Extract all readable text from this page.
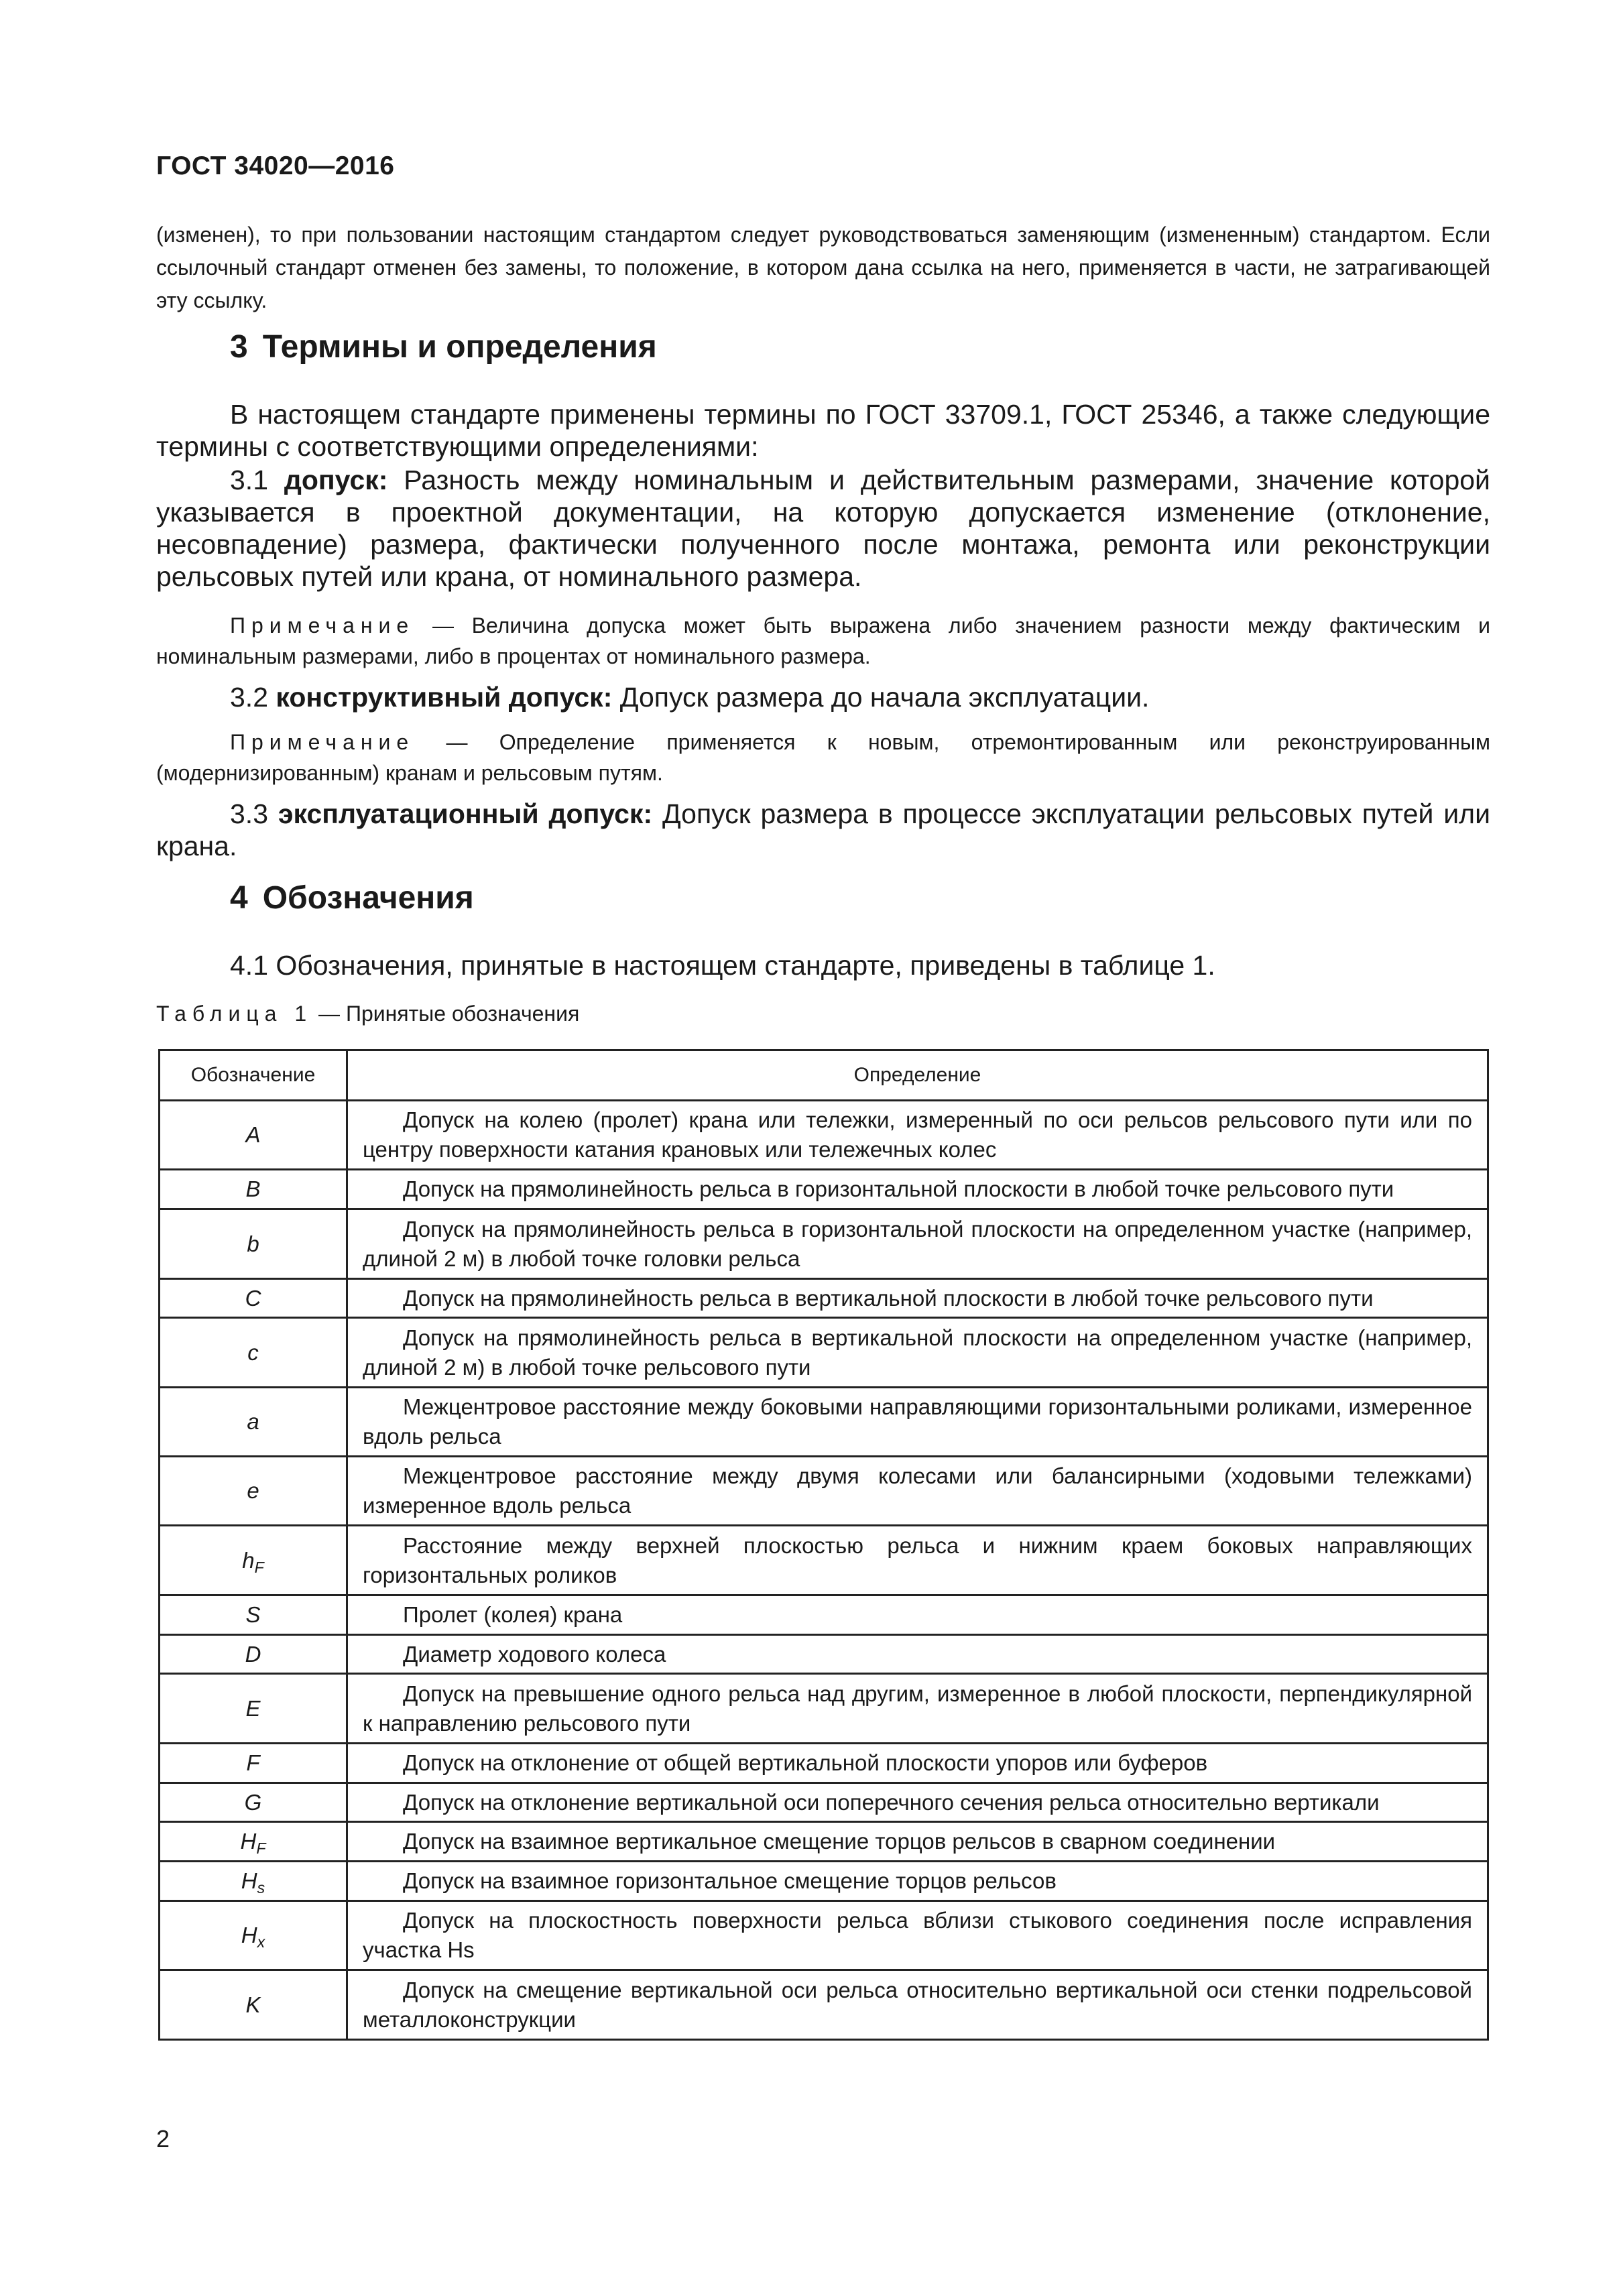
ГОСТ 34020—2016
(изменен), то при пользовании настоящим стандартом следует руководствоваться заменяющим (измененным) стандартом. Если ссылочный стандарт отменен без замены, то положение, в котором дана ссылка на него, применяется в части, не затрагивающей эту ссылку.
3 Термины и определения
В настоящем стандарте применены термины по ГОСТ 33709.1, ГОСТ 25346, а также следующие термины с соответствующими определениями:
3.1 допуск: Разность между номинальным и действительным размерами, значение которой указывается в проектной документации, на которую допускается изменение (отклонение, несовпадение) размера, фактически полученного после монтажа, ремонта или реконструкции рельсовых путей или крана, от номинального размера.
Примечание — Величина допуска может быть выражена либо значением разности между фактическим и номинальным размерами, либо в процентах от номинального размера.
3.2 конструктивный допуск: Допуск размера до начала эксплуатации.
Примечание — Определение применяется к новым, отремонтированным или реконструированным (модернизированным) кранам и рельсовым путям.
3.3 эксплуатационный допуск: Допуск размера в процессе эксплуатации рельсовых путей или крана.
4 Обозначения
4.1 Обозначения, принятые в настоящем стандарте, приведены в таблице 1.
Таблица 1 — Принятые обозначения
Обозначение	Определение
A	Допуск на колею (пролет) крана или тележки, измеренный по оси рельсов рельсового пути или по центру поверхности катания крановых или тележечных колес
B	Допуск на прямолинейность рельса в горизонтальной плоскости в любой точке рельсового пути
b	Допуск на прямолинейность рельса в горизонтальной плоскости на определенном участке (например, длиной 2 м) в любой точке головки рельса
C	Допуск на прямолинейность рельса в вертикальной плоскости в любой точке рельсового пути
c	Допуск на прямолинейность рельса в вертикальной плоскости на определенном участке (например, длиной 2 м) в любой точке рельсового пути
a	Межцентровое расстояние между боковыми направляющими горизонтальными роликами, измеренное вдоль рельса
e	Межцентровое расстояние между двумя колесами или балансирными (ходовыми тележками) измеренное вдоль рельса
$h_F$	Расстояние между верхней плоскостью рельса и нижним краем боковых направляющих горизонтальных роликов
S	Пролет (колея) крана
D	Диаметр ходового колеса
E	Допуск на превышение одного рельса над другим, измеренное в любой плоскости, перпендикулярной к направлению рельсового пути
F	Допуск на отклонение от общей вертикальной плоскости упоров или буферов
G	Допуск на отклонение вертикальной оси поперечного сечения рельса относительно вертикали
$H_F$	Допуск на взаимное вертикальное смещение торцов рельсов в сварном соединении
$H_s$	Допуск на взаимное горизонтальное смещение торцов рельсов
$H_x$	Допуск на плоскостность поверхности рельса вблизи стыкового соединения после исправления участка Hs
K	Допуск на смещение вертикальной оси рельса относительно вертикальной оси стенки подрельсовой металлоконструкции
2
